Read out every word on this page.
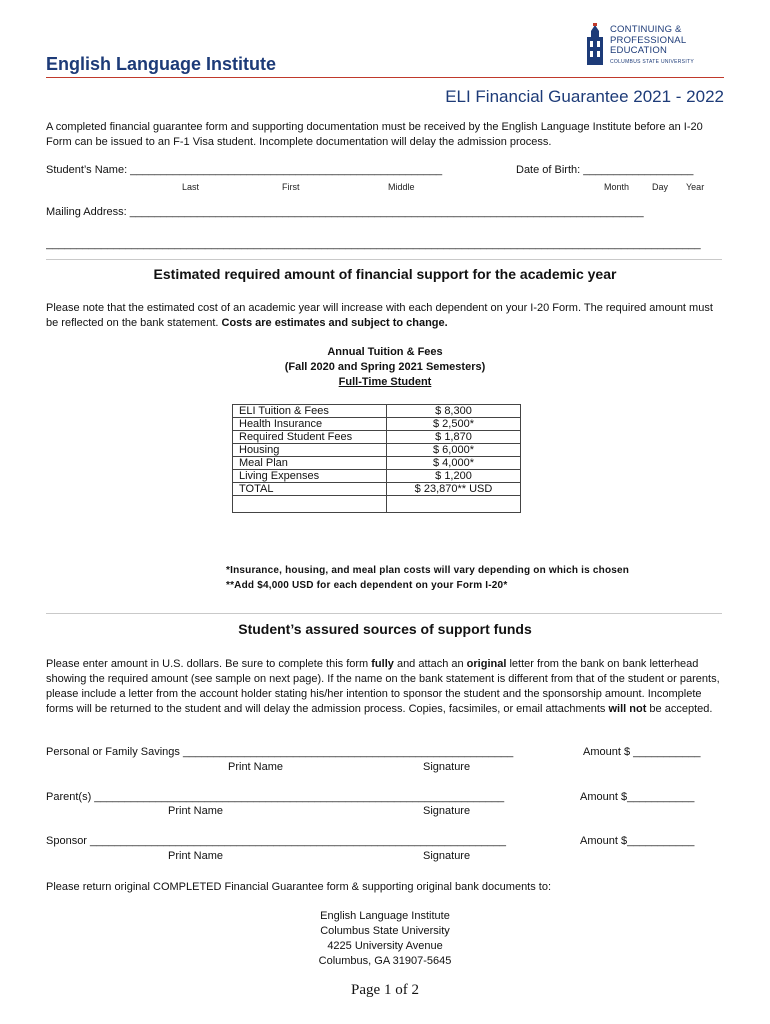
English Language Institute
CONTINUING &
PROFESSIONAL
EDUCATION
COLUMBUS STATE UNIVERSITY
ELI Financial Guarantee 2021 - 2022
A completed financial guarantee form and supporting documentation must be received by the English Language Institute before an I-20 Form can be issued to an F-1 Visa student. Incomplete documentation will delay the admission process.
Student’s Name: ___________________________________________________	Date of Birth: __________________
Last	First	Middle	Month	Day Year
Mailing Address: ____________________________________________________________________________________
___________________________________________________________________________________________________________
Estimated required amount of financial support for the academic year
Please note that the estimated cost of an academic year will increase with each dependent on your I-20 Form. The required amount must be reflected on the bank statement. Costs are estimates and subject to change.
Annual Tuition & Fees
(Fall 2020 and Spring 2021 Semesters)
Full-Time Student
ELI Tuition & Fees	$ 8,300
Health Insurance	$ 2,500*
Required Student Fees	$ 1,870
Housing	$ 6,000*
Meal Plan	$ 4,000*
Living Expenses	$ 1,200
TOTAL	$ 23,870** USD

*Insurance, housing, and meal plan costs will vary depending on which is chosen
**Add $4,000 USD for each dependent on your Form I-20*
Student’s assured sources of support funds
Please enter amount in U.S. dollars. Be sure to complete this form fully and attach an original letter from the bank on bank letterhead showing the required amount (see sample on next page). If the name on the bank statement is different from that of the student or parents, please include a letter from the account holder stating his/her intention to sponsor the student and the sponsorship amount. Incomplete forms will be returned to the student and will delay the admission process. Copies, facsimiles, or email attachments will not be accepted.
Personal or Family Savings ______________________________________________________	Amount $ ___________
Print Name	Signature
Parent(s) ___________________________________________________________________	Amount $___________
Print Name	Signature
Sponsor ____________________________________________________________________	Amount $___________
Print Name	Signature
Please return original COMPLETED Financial Guarantee form & supporting original bank documents to:
English Language Institute
Columbus State University
4225 University Avenue
Columbus, GA 31907-5645
Page 1 of 2
